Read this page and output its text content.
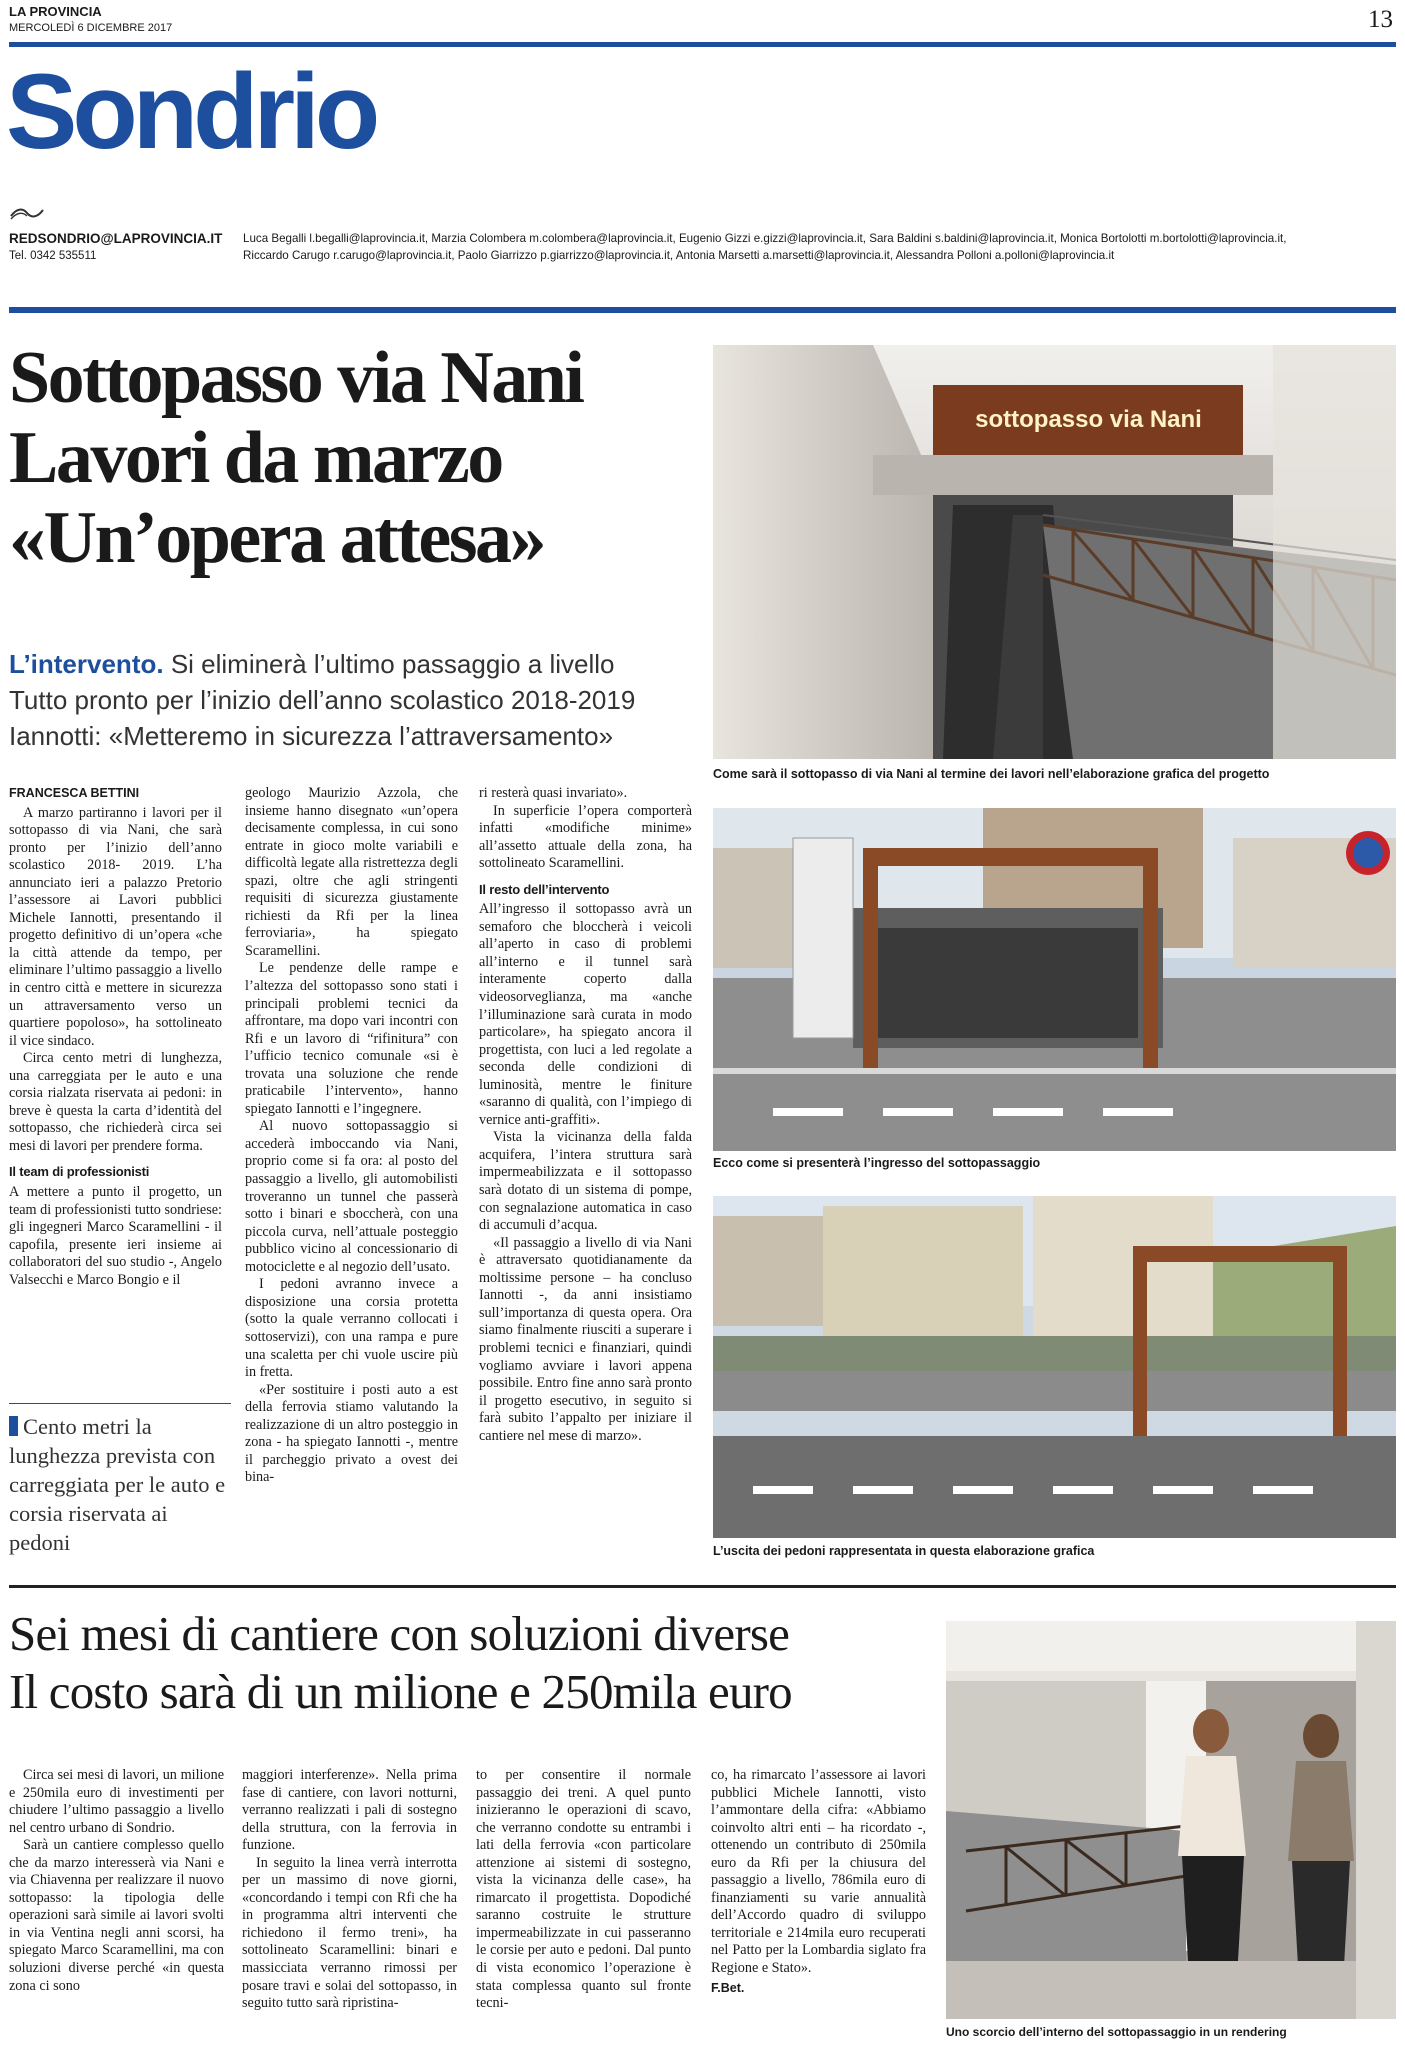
LA PROVINCIA
MERCOLEDÌ 6 DICEMBRE 2017	13
Sondrio
REDSONDRIO@LAPROVINCIA.IT
Tel. 0342 535511
Luca Begalli l.begalli@laprovincia.it, Marzia Colombera m.colombera@laprovincia.it, Eugenio Gizzi e.gizzi@laprovincia.it, Sara Baldini s.baldini@laprovincia.it, Monica Bortolotti m.bortolotti@laprovincia.it,
Riccardo Carugo r.carugo@laprovincia.it, Paolo Giarrizzo p.giarrizzo@laprovincia.it, Antonia Marsetti a.marsetti@laprovincia.it, Alessandra Polloni a.polloni@laprovincia.it
Sottopasso via Nani
Lavori da marzo
«Un’opera attesa»
L’intervento. Si eliminerà l’ultimo passaggio a livello
Tutto pronto per l’inizio dell’anno scolastico 2018-2019
Iannotti: «Metteremo in sicurezza l’attraversamento»
FRANCESCA BETTINI

A marzo partiranno i lavori per il sottopasso di via Nani, che sarà pronto per l’inizio dell’anno scolastico 2018- 2019. L’ha annunciato ieri a palazzo Pretorio l’assessore ai Lavori pubblici Michele Iannotti, presentando il progetto definitivo di un’opera «che la città attende da tempo, per eliminare l’ultimo passaggio a livello in centro città e mettere in sicurezza un attraversamento verso un quartiere popoloso», ha sottolineato il vice sindaco.

Circa cento metri di lunghezza, una carreggiata per le auto e una corsia rialzata riservata ai pedoni: in breve è questa la carta d’identità del sottopasso, che richiederà circa sei mesi di lavori per prendere forma.

Il team di professionisti

A mettere a punto il progetto, un team di professionisti tutto sondriese: gli ingegneri Marco Scaramellini - il capofila, presente ieri insieme ai collaboratori del suo studio -, Angelo Valsecchi e Marco Bongio e il

Cento metri la lunghezza prevista con carreggiata per le auto e corsia riservata ai pedoni

geologo Maurizio Azzola, che insieme hanno disegnato «un’opera decisamente complessa, in cui sono entrate in gioco molte variabili e difficoltà legate alla ristrettezza degli spazi, oltre che agli stringenti requisiti di sicurezza giustamente richiesti da Rfi per la linea ferroviaria», ha spiegato Scaramellini.

Le pendenze delle rampe e l’altezza del sottopasso sono stati i principali problemi tecnici da affrontare, ma dopo vari incontri con Rfi e un lavoro di “rifinitura” con l’ufficio tecnico comunale «si è trovata una soluzione che rende praticabile l’intervento», hanno spiegato Iannotti e l’ingegnere.

Al nuovo sottopassaggio si accederà imboccando via Nani, proprio come si fa ora: al posto del passaggio a livello, gli automobilisti troveranno un tunnel che passerà sotto i binari e sboccherà, con una piccola curva, nell’attuale posteggio pubblico vicino al concessionario di motociclette e al negozio dell’usato.

I pedoni avranno invece a disposizione una corsia protetta (sotto la quale verranno collocati i sottoservizi), con una rampa e pure una scaletta per chi vuole uscire più in fretta.

«Per sostituire i posti auto a est della ferrovia stiamo valutando la realizzazione di un altro posteggio in zona - ha spiegato Iannotti -, mentre il parcheggio privato a ovest dei bina-

ri resterà quasi invariato».

In superficie l’opera comporterà infatti «modifiche minime» all’assetto attuale della zona, ha sottolineato Scaramellini.

Il resto dell’intervento

All’ingresso il sottopasso avrà un semaforo che bloccherà i veicoli all’aperto in caso di problemi all’interno e il tunnel sarà interamente coperto dalla videosorveglianza, ma «anche l’illuminazione sarà curata in modo particolare», ha spiegato ancora il progettista, con luci a led regolate a seconda delle condizioni di luminosità, mentre le finiture «saranno di qualità, con l’impiego di vernice anti-graffiti».

Vista la vicinanza della falda acquifera, l’intera struttura sarà impermeabilizzata e il sottopasso sarà dotato di un sistema di pompe, con segnalazione automatica in caso di accumuli d’acqua.

«Il passaggio a livello di via Nani è attraversato quotidianamente da moltissime persone – ha concluso Iannotti -, da anni insistiamo sull’importanza di questa opera. Ora siamo finalmente riusciti a superare i problemi tecnici e finanziari, quindi vogliamo avviare i lavori appena possibile. Entro fine anno sarà pronto il progetto esecutivo, in seguito si farà subito l’appalto per iniziare il cantiere nel mese di marzo».

sottopasso via Nani
Come sarà il sottopasso di via Nani al termine dei lavori nell’elaborazione grafica del progetto
Ecco come si presenterà l’ingresso del sottopassaggio
L’uscita dei pedoni rappresentata in questa elaborazione grafica
Sei mesi di cantiere con soluzioni diverse
Il costo sarà di un milione e 250mila euro

Circa sei mesi di lavori, un milione e 250mila euro di investimenti per chiudere l’ultimo passaggio a livello nel centro urbano di Sondrio.

Sarà un cantiere complesso quello che da marzo interesserà via Nani e via Chiavenna per realizzare il nuovo sottopasso: la tipologia delle operazioni sarà simile ai lavori svolti in via Ventina negli anni scorsi, ha spiegato Marco Scaramellini, ma con soluzioni diverse perché «in questa zona ci sono

maggiori interferenze». Nella prima fase di cantiere, con lavori notturni, verranno realizzati i pali di sostegno della struttura, con la ferrovia in funzione.

In seguito la linea verrà interrotta per un massimo di nove giorni, «concordando i tempi con Rfi che ha in programma altri interventi che richiedono il fermo treni», ha sottolineato Scaramellini: binari e massicciata verranno rimossi per posare travi e solai del sottopasso, in seguito tutto sarà ripristina-

to per consentire il normale passaggio dei treni. A quel punto inizieranno le operazioni di scavo, che verranno condotte su entrambi i lati della ferrovia «con particolare attenzione ai sistemi di sostegno, vista la vicinanza delle case», ha rimarcato il progettista. Dopodiché saranno costruite le strutture impermeabilizzate in cui passeranno le corsie per auto e pedoni. Dal punto di vista economico l’operazione è stata complessa quanto sul fronte tecni-

co, ha rimarcato l’assessore ai lavori pubblici Michele Iannotti, visto l’ammontare della cifra: «Abbiamo coinvolto altri enti – ha ricordato -, ottenendo un contributo di 250mila euro da Rfi per la chiusura del passaggio a livello, 786mila euro di finanziamenti su varie annualità dell’Accordo quadro di sviluppo territoriale e 214mila euro recuperati nel Patto per la Lombardia siglato fra Regione e Stato».

F.Bet.
Uno scorcio dell’interno del sottopassaggio in un rendering
